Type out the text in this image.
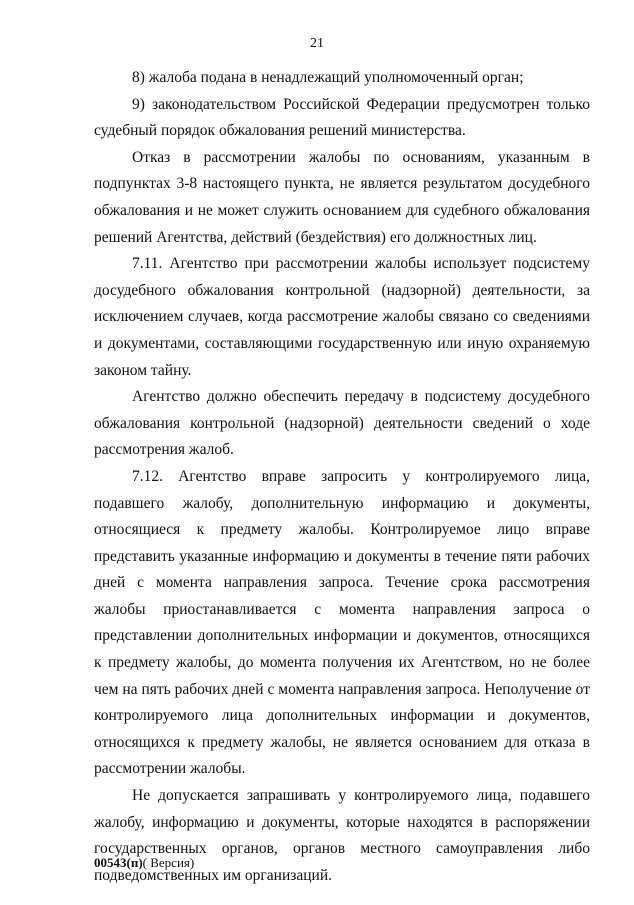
21

8) жалоба подана в ненадлежащий уполномоченный орган;

9) законодательством Российской Федерации предусмотрен только судебный порядок обжалования решений министерства.

Отказ в рассмотрении жалобы по основаниям, указанным в подпунктах 3-8 настоящего пункта, не является результатом досудебного обжалования и не может служить основанием для судебного обжалования решений Агентства, действий (бездействия) его должностных лиц.

7.11. Агентство при рассмотрении жалобы использует подсистему досудебного обжалования контрольной (надзорной) деятельности, за исключением случаев, когда рассмотрение жалобы связано со сведениями и документами, составляющими государственную или иную охраняемую законом тайну.

Агентство должно обеспечить передачу в подсистему досудебного обжалования контрольной (надзорной) деятельности сведений о ходе рассмотрения жалоб.

7.12. Агентство вправе запросить у контролируемого лица, подавшего жалобу, дополнительную информацию и документы, относящиеся к предмету жалобы. Контролируемое лицо вправе представить указанные информацию и документы в течение пяти рабочих дней с момента направления запроса. Течение срока рассмотрения жалобы приостанавливается с момента направления запроса о представлении дополнительных информации и документов, относящихся к предмету жалобы, до момента получения их Агентством, но не более чем на пять рабочих дней с момента направления запроса. Неполучение от контролируемого лица дополнительных информации и документов, относящихся к предмету жалобы, не является основанием для отказа в рассмотрении жалобы.

Не допускается запрашивать у контролируемого лица, подавшего жалобу, информацию и документы, которые находятся в распоряжении государственных органов, органов местного самоуправления либо подведомственных им организаций.

00543(п)( Версия)
